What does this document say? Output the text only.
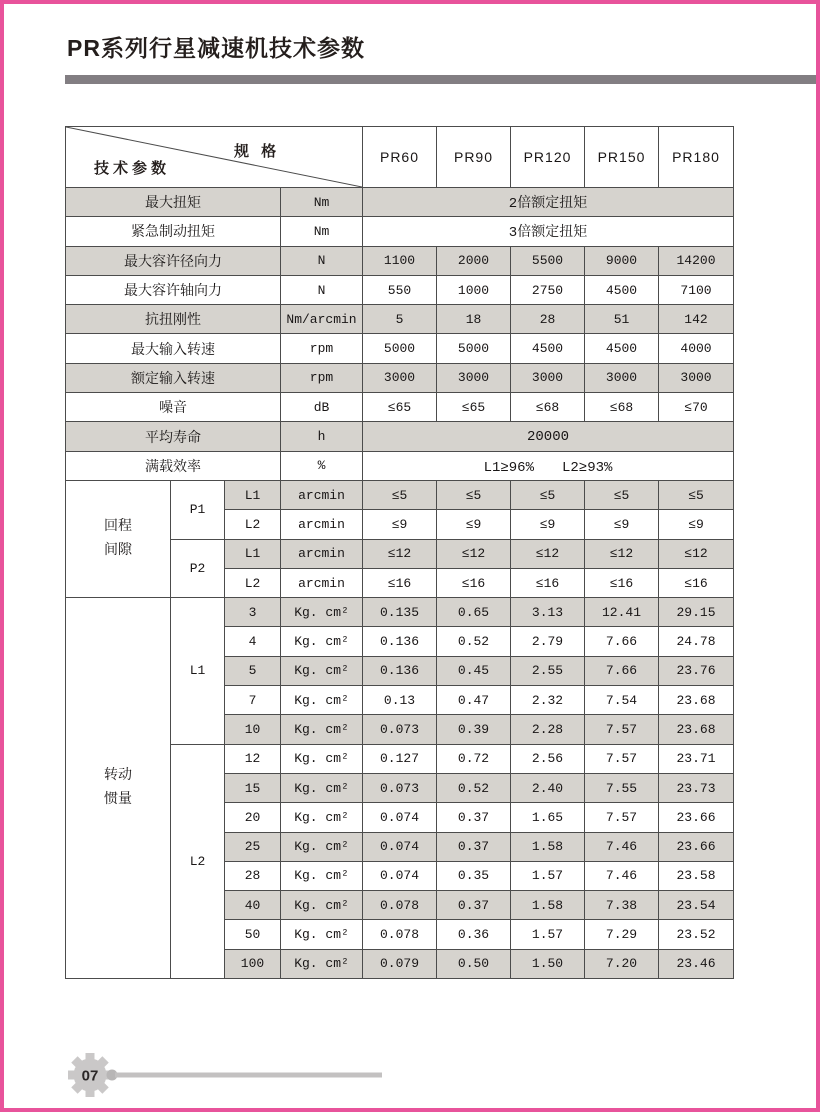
PR系列行星减速机技术参数
规 格
技术参数				PR60	PR90	PR120	PR150	PR180
最大扭矩			Nm	2倍额定扭矩				
紧急制动扭矩			Nm	3倍额定扭矩				
最大容许径向力			N	1100	2000	5500	9000	14200
最大容许轴向力			N	550	1000	2750	4500	7100
抗扭刚性			Nm/arcmin	5	18	28	51	142
最大输入转速			rpm	5000	5000	4500	4500	4000
额定输入转速			rpm	3000	3000	3000	3000	3000
噪音			dB	≤65	≤65	≤68	≤68	≤70
平均寿命			h	20000				
满载效率			%	L1≥96%　　L2≥93%				

回程
间隙	P1	L1	arcmin	≤5	≤5	≤5	≤5	≤5
		L2	arcmin	≤9	≤9	≤9	≤9	≤9
	P2	L1	arcmin	≤12	≤12	≤12	≤12	≤12
		L2	arcmin	≤16	≤16	≤16	≤16	≤16

转动
惯量	L1	3	Kg. cm²	0.135	0.65	3.13	12.41	29.15
		4	Kg. cm²	0.136	0.52	2.79	7.66	24.78
		5	Kg. cm²	0.136	0.45	2.55	7.66	23.76
		7	Kg. cm²	0.13	0.47	2.32	7.54	23.68
		10	Kg. cm²	0.073	0.39	2.28	7.57	23.68
	L2	12	Kg. cm²	0.127	0.72	2.56	7.57	23.71
		15	Kg. cm²	0.073	0.52	2.40	7.55	23.73
		20	Kg. cm²	0.074	0.37	1.65	7.57	23.66
		25	Kg. cm²	0.074	0.37	1.58	7.46	23.66
		28	Kg. cm²	0.074	0.35	1.57	7.46	23.58
		40	Kg. cm²	0.078	0.37	1.58	7.38	23.54
		50	Kg. cm²	0.078	0.36	1.57	7.29	23.52
		100	Kg. cm²	0.079	0.50	1.50	7.20	23.46
07
